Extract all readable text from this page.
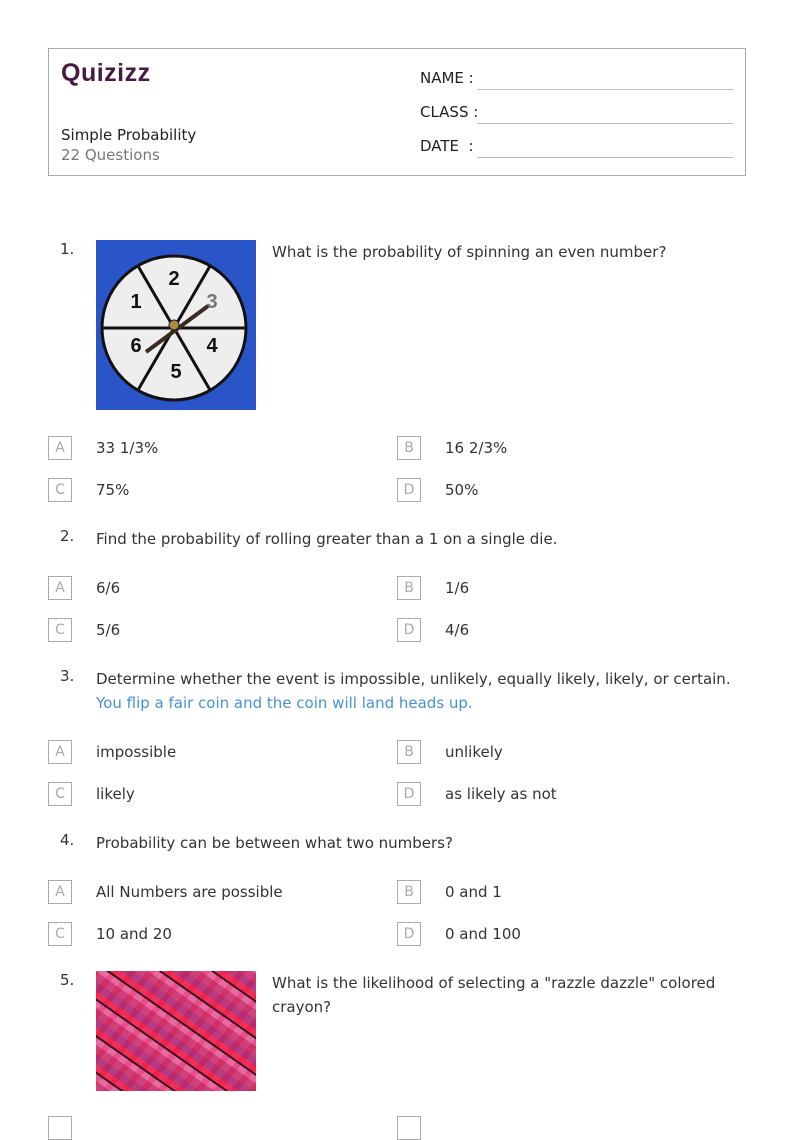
Quizizz
Simple Probability
22 Questions
NAME :
CLASS :
DATE  :
1.
1
2
3
4
5
6
What is the probability of spinning an even number?
A	33 1/3%	B	16 2/3%
C	75%	D	50%
2. Find the probability of rolling greater than a 1 on a single die.
A	6/6	B	1/6
C	5/6	D	4/6
3. Determine whether the event is impossible, unlikely, equally likely, likely, or certain. You flip a fair coin and the coin will land heads up.
A	impossible	B	unlikely
C	likely	D	as likely as not
4. Probability can be between what two numbers?
A	All Numbers are possible	B	0 and 1
C	10 and 20	D	0 and 100
5.	What is the likelihood of selecting a "razzle dazzle" colored crayon?
